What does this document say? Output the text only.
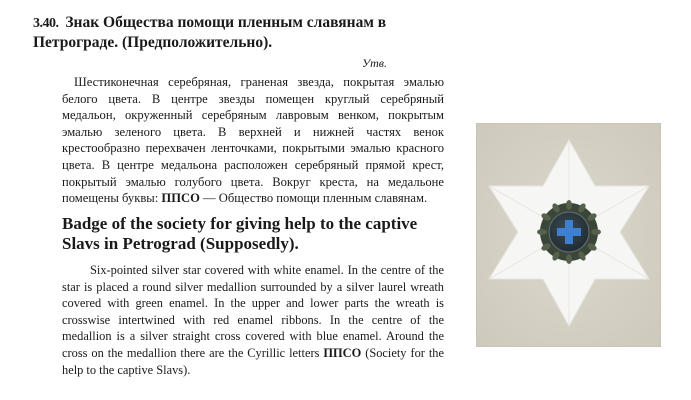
3.40. Знак Общества помощи пленным славянам в Петрограде. (Предположительно).
Утв.

Шестиконечная серебряная, граненая звезда, покрытая эмалью белого цвета. В центре звезды помещен круглый серебряный медальон, окруженный серебряным лавровым венком, покрытым эмалью зеленого цвета. В верхней и нижней частях венок крестообразно перехвачен ленточками, покрытыми эмалью красного цвета. В центре медальона расположен серебряный прямой крест, покрытый эмалью голубого цвета. Вокруг креста, на медальоне помещены буквы: ППСО — Общество помощи пленным славянам.

Badge of the society for giving help to the captive Slavs in Petrograd (Supposedly).

Six-pointed silver star covered with white enamel. In the centre of the star is placed a round silver medallion surrounded by a silver laurel wreath covered with green enamel. In the upper and lower parts the wreath is crosswise intertwined with red enamel ribbons. In the centre of the medallion is a silver straight cross covered with blue enamel. Around the cross on the medallion there are the Cyrillic letters ППСО (Society for the help to the captive Slavs).
